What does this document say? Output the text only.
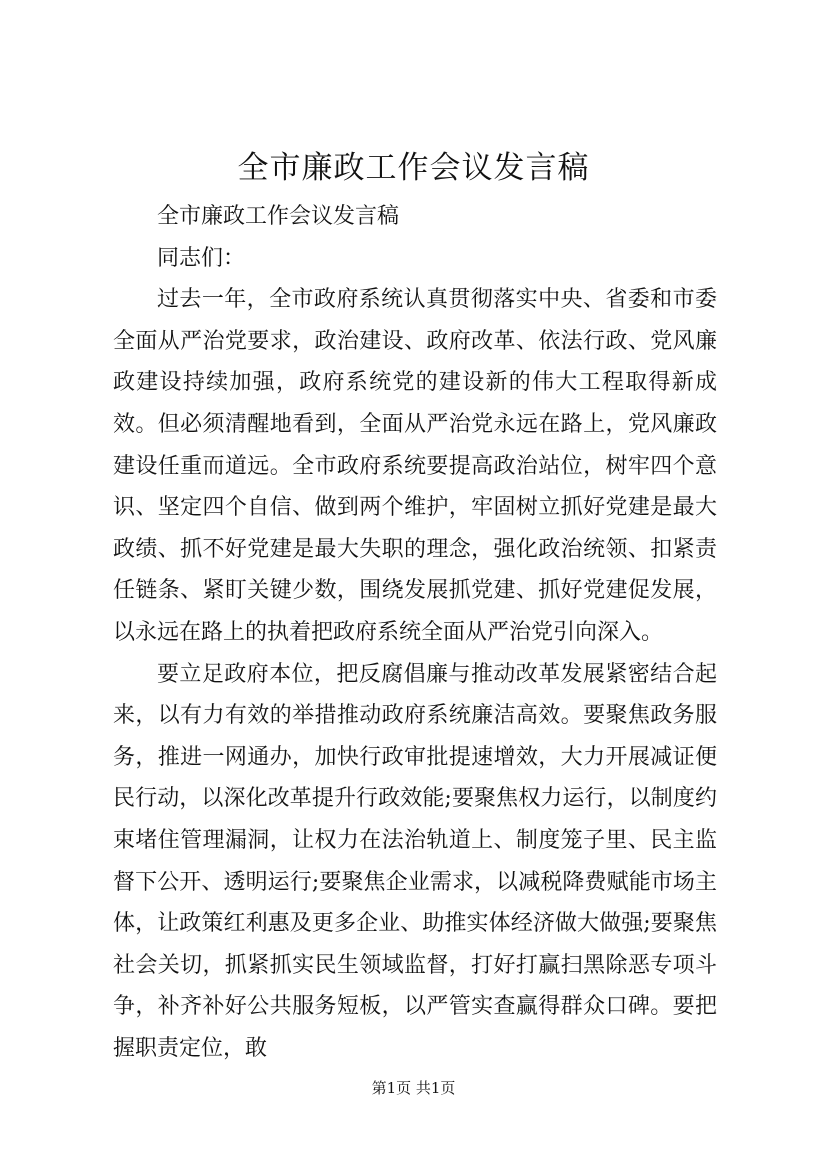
全市廉政工作会议发言稿

全市廉政工作会议发言稿

同志们：

过去一年，全市政府系统认真贯彻落实中央、省委和市委全面从严治党要求，政治建设、政府改革、依法行政、党风廉政建设持续加强，政府系统党的建设新的伟大工程取得新成效。但必须清醒地看到，全面从严治党永远在路上，党风廉政建设任重而道远。全市政府系统要提高政治站位，树牢四个意识、坚定四个自信、做到两个维护，牢固树立抓好党建是最大政绩、抓不好党建是最大失职的理念，强化政治统领、扣紧责任链条、紧盯关键少数，围绕发展抓党建、抓好党建促发展，以永远在路上的执着把政府系统全面从严治党引向深入。

要立足政府本位，把反腐倡廉与推动改革发展紧密结合起来，以有力有效的举措推动政府系统廉洁高效。要聚焦政务服务，推进一网通办，加快行政审批提速增效，大力开展减证便民行动，以深化改革提升行政效能;要聚焦权力运行，以制度约束堵住管理漏洞，让权力在法治轨道上、制度笼子里、民主监督下公开、透明运行;要聚焦企业需求，以减税降费赋能市场主体，让政策红利惠及更多企业、助推实体经济做大做强;要聚焦社会关切，抓紧抓实民生领域监督，打好打赢扫黑除恶专项斗争，补齐补好公共服务短板，以严管实查赢得群众口碑。要把握职责定位，敢

第1页 共1页
